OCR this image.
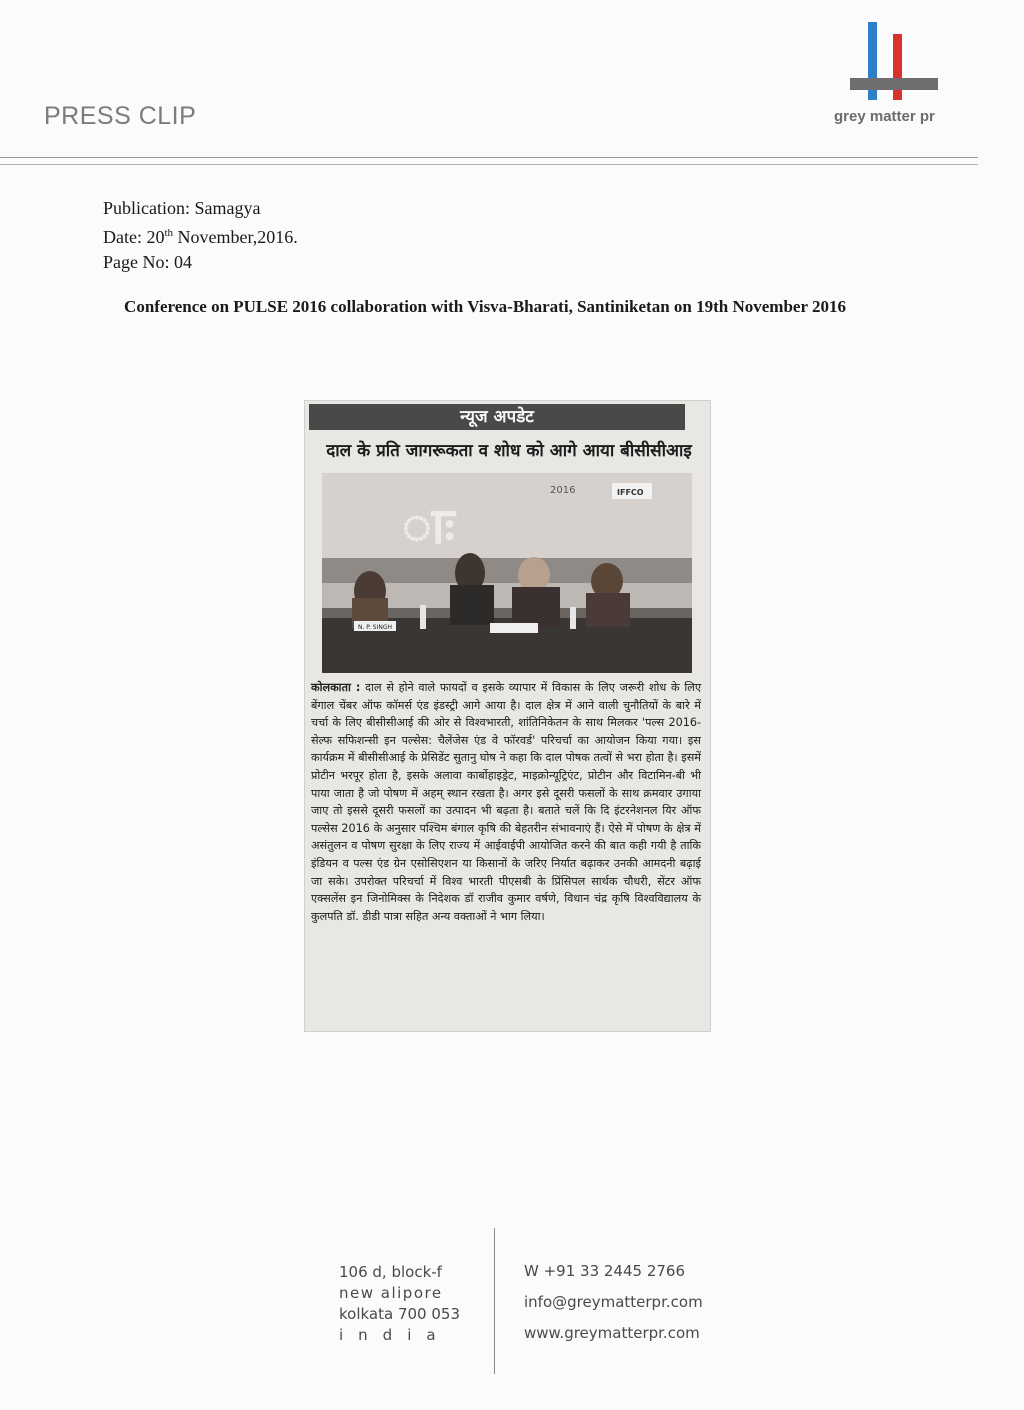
PRESS CLIP	grey matter pr
Publication: Samagya
Date: 20th November,2016.
Page No: 04
Conference on PULSE 2016 collaboration with Visva-Bharati, Santiniketan on 19th November 2016
न्यूज अपडेट
दाल के प्रति जागरूकता व शोध को आगे आया बीसीसीआइ
ाः
2016	IFFCO
N. P. SINGH
कोलकाता : दाल से होने वाले फायदों व इसके व्यापार में विकास के लिए जरूरी शोध के लिए बेंगाल चेंबर ऑफ कॉमर्स एंड इंडस्ट्री आगे आया है। दाल क्षेत्र में आने वाली चुनौतियों के बारे में चर्चा के लिए बीसीसीआई की ओर से विश्वभारती, शांतिनिकेतन के साथ मिलकर 'पल्स 2016- सेल्फ सफिशन्सी इन पल्सेस: चैलेंजेस एंड वे फॉरवर्ड' परिचर्चा का आयोजन किया गया। इस कार्यक्रम में बीसीसीआई के प्रेसिडेंट सुतानु घोष ने कहा कि दाल पोषक तत्वों से भरा होता है। इसमें प्रोटीन भरपूर होता है, इसके अलावा कार्बोहाइड्रेट, माइक्रोन्यूट्रिएंट, प्रोटीन और विटामिन-बी भी पाया जाता है जो पोषण में अहम् स्थान रखता है। अगर इसे दूसरी फसलों के साथ क्रमवार उगाया जाए तो इससे दूसरी फसलों का उत्पादन भी बढ़ता है। बताते चलें कि दि इंटरनेशनल यिर ऑफ पल्सेस 2016 के अनुसार पश्चिम बंगाल कृषि की बेहतरीन संभावनाएं हैं। ऐसे में पोषण के क्षेत्र में असंतुलन व पोषण सुरक्षा के लिए राज्य में आईवाईपी आयोजित करने की बात कही गयी है ताकि इंडियन व पल्स एंड ग्रेन एसोसिएशन या किसानों के जरिए निर्यात बढ़ाकर उनकी आमदनी बढ़ाई जा सके। उपरोक्त परिचर्चा में विश्व भारती पीएसबी के प्रिंसिपल सार्थक चौधरी, सेंटर ऑफ एक्सलेंस इन जिनोमिक्स के निदेशक डॉ राजीव कुमार वर्षणे, विधान चंद्र कृषि विश्वविद्यालय के कुलपति डॉ. डीडी पात्रा सहित अन्य वक्ताओं ने भाग लिया।
106 d, block-f
new alipore
kolkata 700 053
india
W +91 33 2445 2766
info@greymatterpr.com
www.greymatterpr.com
